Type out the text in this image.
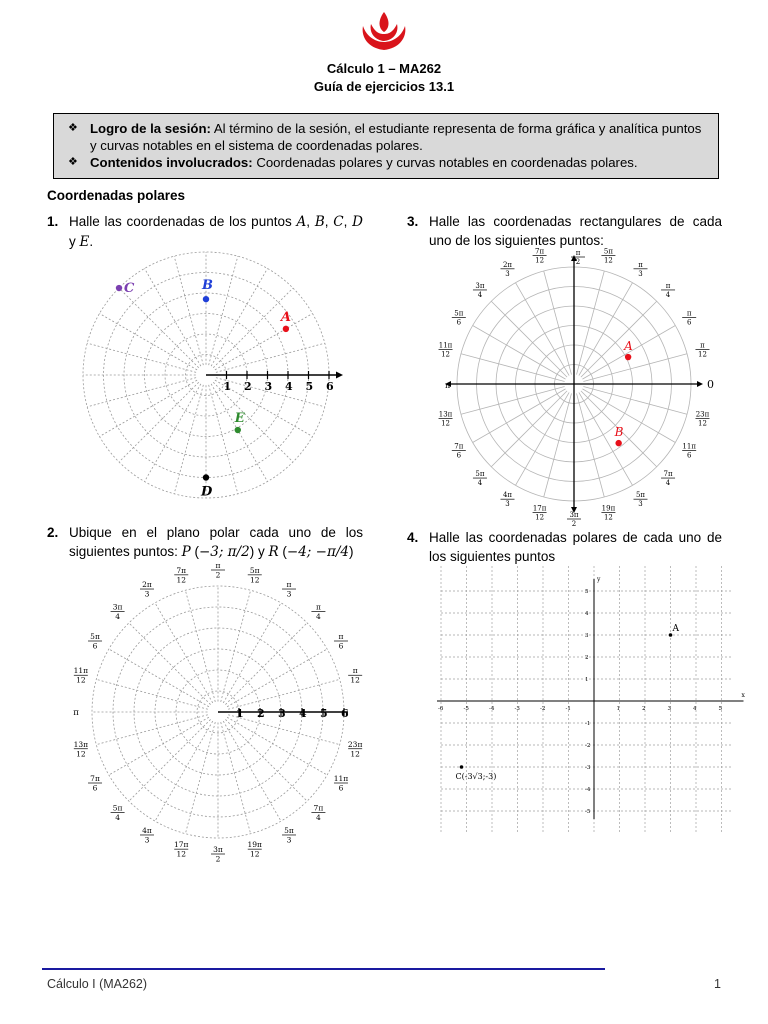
Cálculo 1 – MA262
Guía de ejercicios 13.1
❖ Logro de la sesión: Al término de la sesión, el estudiante representa de forma gráfica y analítica puntos y curvas notables en el sistema de coordenadas polares.
❖ Contenidos involucrados: Coordenadas polares y curvas notables en coordenadas polares.
Coordenadas polares
1. Halle las coordenadas de los puntos A, B, C, D y E.
1 2 3 4 5 6
A
B
C
D
E
3. Halle las coordenadas rectangulares de cada uno de los siguientes puntos:
0
π
12
π
6
π
4
π
3
5π
12
π
2
7π
12
2π
3
3π
4
5π
6
11π
12
π
13π
12
7π
6
5π
4
4π
3
17π
12	3π
2
19π
12
5π
3
7π
4
11π
6
23π
12
A
B
2. Ubique en el plano polar cada uno de los siguientes puntos: P (−3; π/2) y R (−4; −π/4)
1 2 3 4 5 6
π
12
π
6
π
4
π
3
5π
12
π
2
7π
12
2π
3
3π
4
5π
6
11π
12
π
13π
12
7π
6
5π
4
4π
3
17π
12
3π
2
19π
12
5π
3
7π
4
11π
6
23π
12
4. Halle las coordenadas polares de cada uno de los siguientes puntos
x
y
-6	-5	-4	-3	-2	-1	1	2	3	4	5
5
4
3
2
1
-1
-2
-3
-4
-5
A
C(-3√3;-3)
Cálculo I (MA262)	1
